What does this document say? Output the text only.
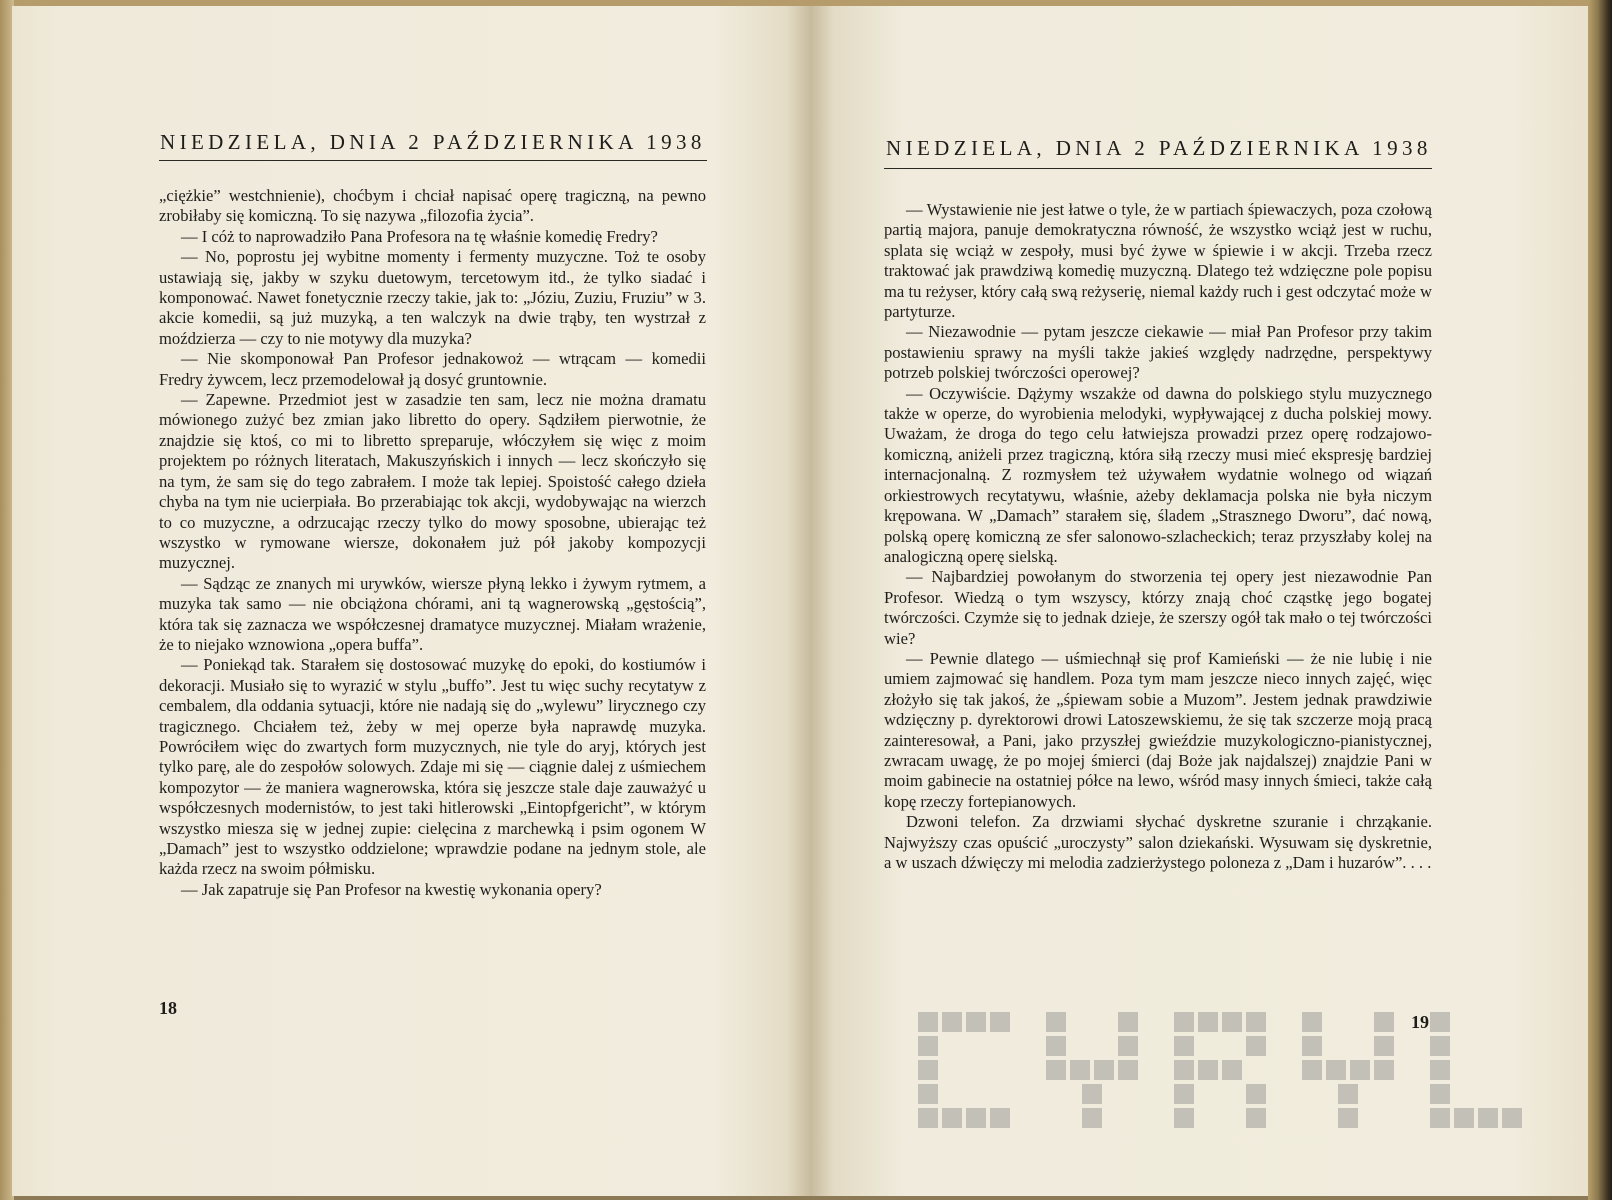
NIEDZIELA, DNIA 2 PAŹDZIERNIKA 1938

„ciężkie” westchnienie), choćbym i chciał napisać operę tragiczną, na pewno zrobiłaby się komiczną. To się nazywa „filozofia życia”.

— I cóż to naprowadziło Pana Profesora na tę właśnie komedię Fredry?

— No, poprostu jej wybitne momenty i fermenty muzyczne. Toż te osoby ustawiają się, jakby w szyku duetowym, tercetowym itd., że tylko siadać i komponować. Nawet fonetycznie rzeczy takie, jak to: „Józiu, Zuziu, Fruziu” w 3. akcie komedii, są już muzyką, a ten walczyk na dwie trąby, ten wystrzał z moździerza — czy to nie motywy dla muzyka?

— Nie skomponował Pan Profesor jednakowoż — wtrącam — komedii Fredry żywcem, lecz przemodelował ją dosyć gruntownie.

— Zapewne. Przedmiot jest w zasadzie ten sam, lecz nie można dramatu mówionego zużyć bez zmian jako libretto do opery. Sądziłem pierwotnie, że znajdzie się ktoś, co mi to libretto spreparuje, włóczyłem się więc z moim projektem po różnych literatach, Makuszyńskich i innych — lecz skończyło się na tym, że sam się do tego zabrałem. I może tak lepiej. Spoistość całego dzieła chyba na tym nie ucierpiała. Bo przerabiając tok akcji, wydobywając na wierzch to co muzyczne, a odrzucając rzeczy tylko do mowy sposobne, ubierając też wszystko w rymowane wiersze, dokonałem już pół jakoby kompozycji muzycznej.

— Sądząc ze znanych mi urywków, wiersze płyną lekko i żywym rytmem, a muzyka tak samo — nie obciążona chórami, ani tą wagnerowską „gęstością”, która tak się zaznacza we współczesnej dramatyce muzycznej. Miałam wrażenie, że to niejako wznowiona „opera buffa”.

— Poniekąd tak. Starałem się dostosować muzykę do epoki, do kostiumów i dekoracji. Musiało się to wyrazić w stylu „buffo”. Jest tu więc suchy recytatyw z cembalem, dla oddania sytuacji, które nie nadają się do „wylewu” lirycznego czy tragicznego. Chciałem też, żeby w mej operze była naprawdę muzyka. Powróciłem więc do zwartych form muzycznych, nie tyle do aryj, których jest tylko parę, ale do zespołów solowych. Zdaje mi się — ciągnie dalej z uśmiechem kompozytor — że maniera wagnerowska, która się jeszcze stale daje zauważyć u współczesnych modernistów, to jest taki hitlerowski „Eintopfgericht”, w którym wszystko miesza się w jednej zupie: cielęcina z marchewką i psim ogonem W „Damach” jest to wszystko oddzielone; wprawdzie podane na jednym stole, ale każda rzecz na swoim półmisku.

— Jak zapatruje się Pan Profesor na kwestię wykonania opery?

18
NIEDZIELA, DNIA 2 PAŹDZIERNIKA 1938

— Wystawienie nie jest łatwe o tyle, że w partiach śpiewaczych, poza czołową partią majora, panuje demokratyczna równość, że wszystko wciąż jest w ruchu, splata się wciąż w zespoły, musi być żywe w śpiewie i w akcji. Trzeba rzecz traktować jak prawdziwą komedię muzyczną. Dlatego też wdzięczne pole popisu ma tu reżyser, który całą swą reżyserię, niemal każdy ruch i gest odczytać może w partyturze.

— Niezawodnie — pytam jeszcze ciekawie — miał Pan Profesor przy takim postawieniu sprawy na myśli także jakieś względy nadrzędne, perspektywy potrzeb polskiej twórczości operowej?

— Oczywiście. Dążymy wszakże od dawna do polskiego stylu muzycznego także w operze, do wyrobienia melodyki, wypływającej z ducha polskiej mowy. Uważam, że droga do tego celu łatwiejsza prowadzi przez operę rodzajowo-komiczną, aniżeli przez tragiczną, która siłą rzeczy musi mieć ekspresję bardziej internacjonalną. Z rozmysłem też używałem wydatnie wolnego od wiązań orkiestrowych recytatywu, właśnie, ażeby deklamacja polska nie była niczym krępowana. W „Damach” starałem się, śladem „Strasznego Dworu”, dać nową, polską operę komiczną ze sfer salonowo-szlacheckich; teraz przyszłaby kolej na analogiczną operę sielską.

— Najbardziej powołanym do stworzenia tej opery jest niezawodnie Pan Profesor. Wiedzą o tym wszyscy, którzy znają choć cząstkę jego bogatej twórczości. Czymże się to jednak dzieje, że szerszy ogół tak mało o tej twórczości wie?

— Pewnie dlatego — uśmiechnął się prof Kamieński — że nie lubię i nie umiem zajmować się handlem. Poza tym mam jeszcze nieco innych zajęć, więc złożyło się tak jakoś, że „śpiewam sobie a Muzom”. Jestem jednak prawdziwie wdzięczny p. dyrektorowi drowi Latoszewskiemu, że się tak szczerze moją pracą zainteresował, a Pani, jako przyszłej gwieździe muzykologiczno-pianistycznej, zwracam uwagę, że po mojej śmierci (daj Boże jak najdalszej) znajdzie Pani w moim gabinecie na ostatniej półce na lewo, wśród masy innych śmieci, także całą kopę rzeczy fortepianowych.

Dzwoni telefon. Za drzwiami słychać dyskretne szuranie i chrząkanie. Najwyższy czas opuścić „uroczysty” salon dziekański. Wysuwam się dyskretnie, a w uszach dźwięczy mi melodia zadzierżystego poloneza z „Dam i huzarów”. . . .

19
